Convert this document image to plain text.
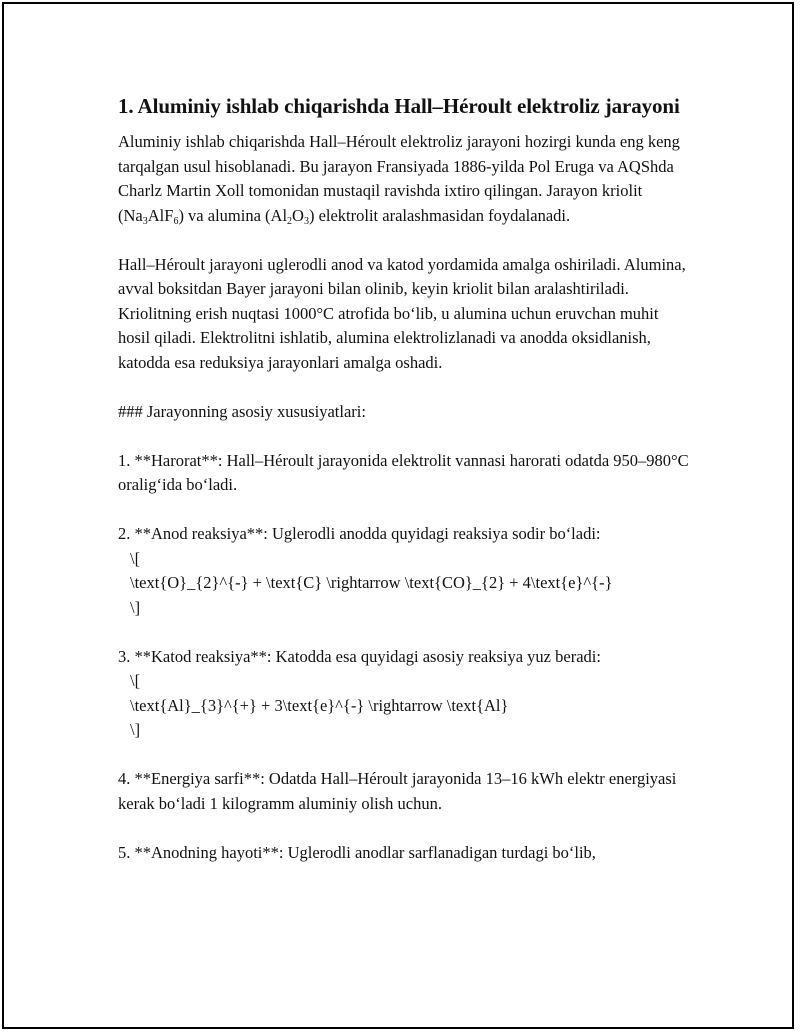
1. Aluminiy ishlab chiqarishda Hall–Héroult elektroliz jarayoni

Aluminiy ishlab chiqarishda Hall–Héroult elektroliz jarayoni hozirgi kunda eng keng tarqalgan usul hisoblanadi. Bu jarayon Fransiyada 1886-yilda Pol Eruga va AQShda Charlz Martin Xoll tomonidan mustaqil ravishda ixtiro qilingan. Jarayon kriolit $(Na_3AlF_6)$ va alumina $(Al_2O_3)$ elektrolit aralashmasidan foydalanadi.

Hall–Héroult jarayoni uglerodli anod va katod yordamida amalga oshiriladi. Alumina, avval boksitdan Bayer jarayoni bilan olinib, keyin kriolit bilan aralashtiriladi. Kriolitning erish nuqtasi 1000°C atrofida bo‘lib, u alumina uchun eruvchan muhit hosil qiladi. Elektrolitni ishlatib, alumina elektrolizlanadi va anodda oksidlanish, katodda esa reduksiya jarayonlari amalga oshadi.

### Jarayonning asosiy xususiyatlari:

1. **Harorat**: Hall–Héroult jarayonida elektrolit vannasi harorati odatda 950–980°C oralig‘ida bo‘ladi.

2. **Anod reaksiya**: Uglerodli anodda quyidagi reaksiya sodir bo‘ladi:

\[

\text{O}_{2}^{-} + \text{C} \rightarrow \text{CO}_{2} + 4\text{e}^{-}

\]

3. **Katod reaksiya**: Katodda esa quyidagi asosiy reaksiya yuz beradi:

\[

\text{Al}_{3}^{+} + 3\text{e}^{-} \rightarrow \text{Al}

\]

4. **Energiya sarfi**: Odatda Hall–Héroult jarayonida 13–16 kWh elektr energiyasi kerak bo‘ladi 1 kilogramm aluminiy olish uchun.

5. **Anodning hayoti**: Uglerodli anodlar sarflanadigan turdagi bo‘lib,
